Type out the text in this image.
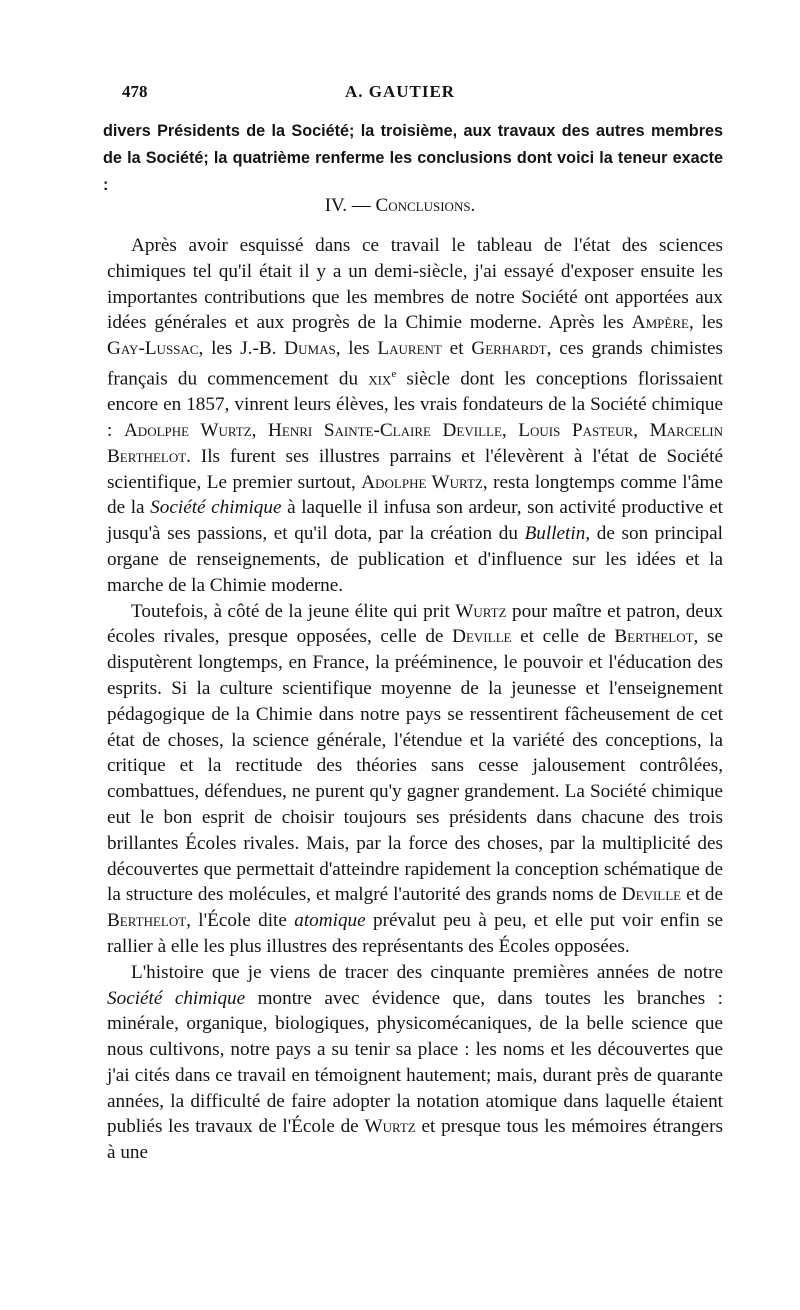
478	A. GAUTIER
divers Présidents de la Société; la troisième, aux travaux des autres membres de la Société; la quatrième renferme les conclusions dont voici la teneur exacte :
IV. — Conclusions.

Après avoir esquissé dans ce travail le tableau de l'état des sciences chimiques tel qu'il était il y a un demi-siècle, j'ai essayé d'exposer ensuite les importantes contributions que les membres de notre Société ont apportées aux idées générales et aux progrès de la Chimie moderne. Après les Ampère, les Gay-Lussac, les J.-B. Dumas, les Laurent et Gerhardt, ces grands chimistes français du commencement du xix$^e$ siècle dont les conceptions florissaient encore en 1857, vinrent leurs élèves, les vrais fondateurs de la Société chimique : Adolphe Wurtz, Henri Sainte-Claire Deville, Louis Pasteur, Marcelin Berthelot. Ils furent ses illustres parrains et l'élevèrent à l'état de Société scientifique, Le premier surtout, Adolphe Wurtz, resta longtemps comme l'âme de la Société chimique à laquelle il infusa son ardeur, son activité productive et jusqu'à ses passions, et qu'il dota, par la création du Bulletin, de son principal organe de renseignements, de publication et d'influence sur les idées et la marche de la Chimie moderne.

Toutefois, à côté de la jeune élite qui prit Wurtz pour maître et patron, deux écoles rivales, presque opposées, celle de Deville et celle de Berthelot, se disputèrent longtemps, en France, la prééminence, le pouvoir et l'éducation des esprits. Si la culture scientifique moyenne de la jeunesse et l'enseignement pédagogique de la Chimie dans notre pays se ressentirent fâcheusement de cet état de choses, la science générale, l'étendue et la variété des conceptions, la critique et la rectitude des théories sans cesse jalousement contrôlées, combattues, défendues, ne purent qu'y gagner grandement. La Société chimique eut le bon esprit de choisir toujours ses présidents dans chacune des trois brillantes Écoles rivales. Mais, par la force des choses, par la multiplicité des découvertes que permettait d'atteindre rapidement la conception schématique de la structure des molécules, et malgré l'autorité des grands noms de Deville et de Berthelot, l'École dite atomique prévalut peu à peu, et elle put voir enfin se rallier à elle les plus illustres des représentants des Écoles opposées.

L'histoire que je viens de tracer des cinquante premières années de notre Société chimique montre avec évidence que, dans toutes les branches : minérale, organique, biologiques, physicomécaniques, de la belle science que nous cultivons, notre pays a su tenir sa place : les noms et les découvertes que j'ai cités dans ce travail en témoignent hautement; mais, durant près de quarante années, la difficulté de faire adopter la notation atomique dans laquelle étaient publiés les travaux de l'École de Wurtz et presque tous les mémoires étrangers à une
